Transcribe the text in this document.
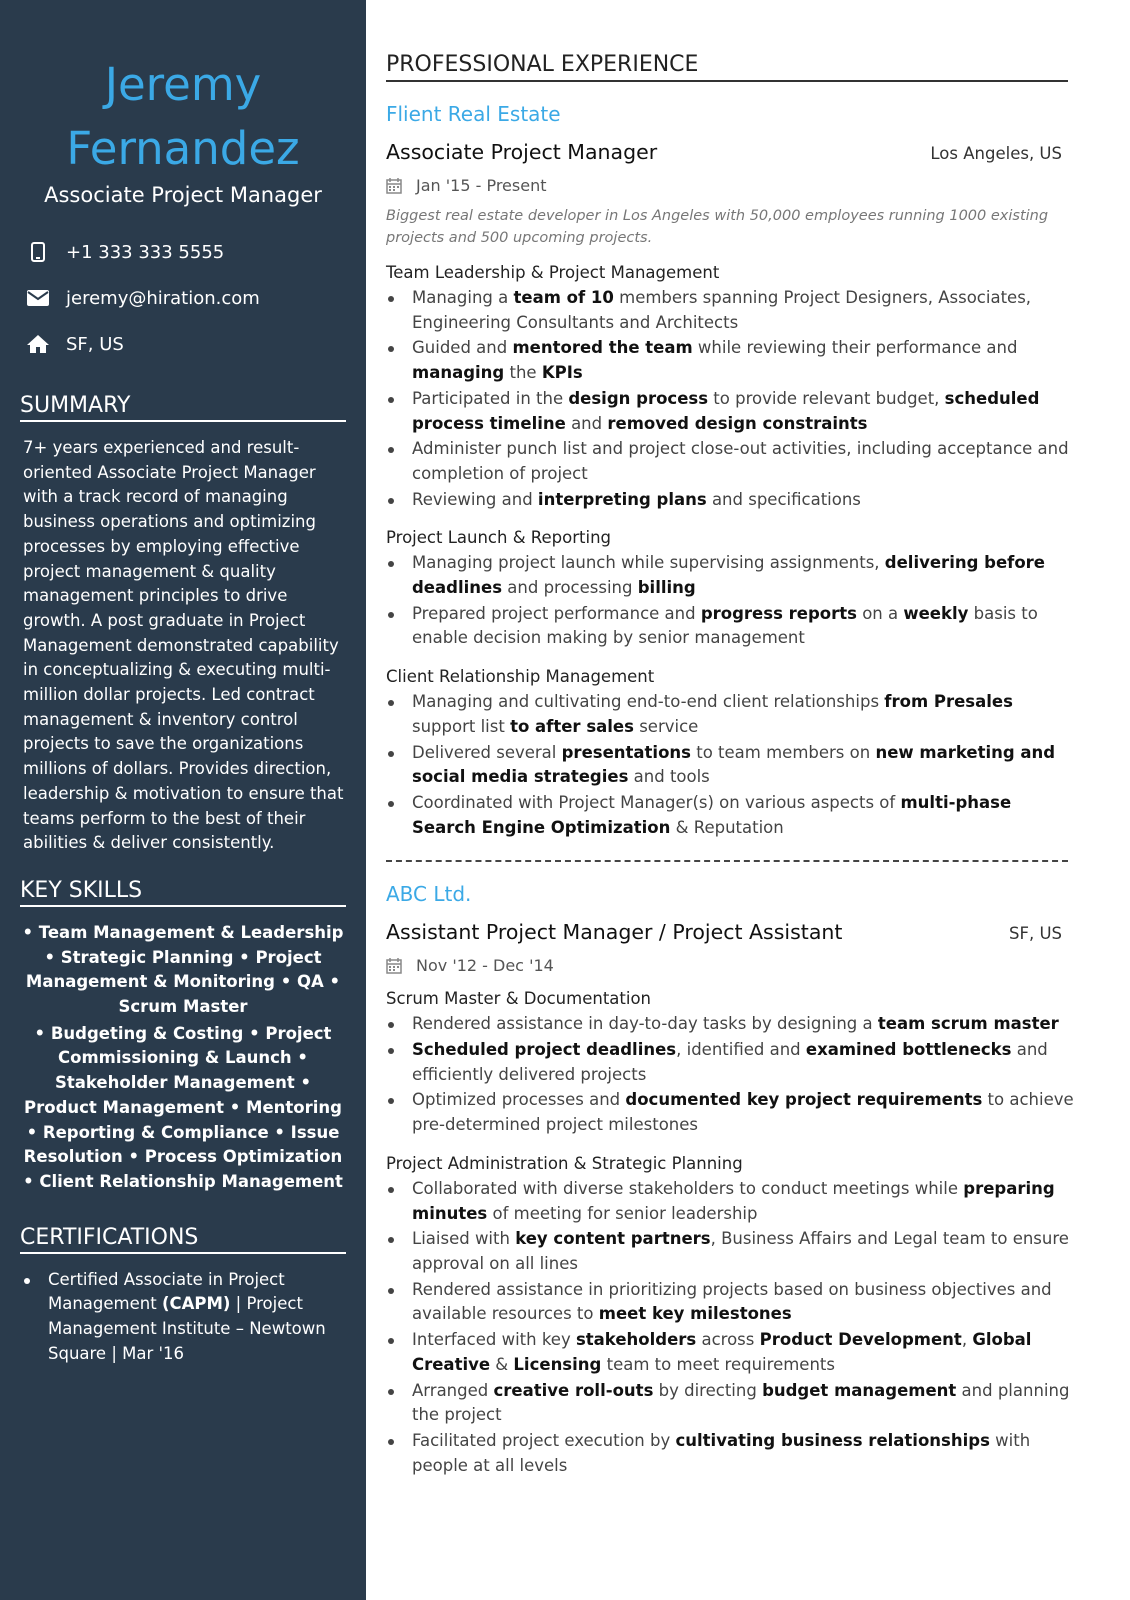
Jeremy
Fernandez
Associate Project Manager
+1 333 333 5555
jeremy@hiration.com
SF, US
SUMMARY
7+ years experienced and result-oriented Associate Project Manager with a track record of managing business operations and optimizing processes by employing effective project management & quality management principles to drive growth. A post graduate in Project Management demonstrated capability in conceptualizing & executing multi-million dollar projects. Led contract management & inventory control projects to save the organizations millions of dollars. Provides direction, leadership & motivation to ensure that teams perform to the best of their abilities & deliver consistently.
KEY SKILLS
• Team Management & Leadership • Strategic Planning • Project Management & Monitoring • QA • Scrum Master
• Budgeting & Costing • Project Commissioning & Launch • Stakeholder Management • Product Management • Mentoring • Reporting & Compliance • Issue Resolution • Process Optimization • Client Relationship Management
CERTIFICATIONS
Certified Associate in Project Management (CAPM) | Project Management Institute – Newtown Square | Mar '16
PROFESSIONAL EXPERIENCE
Flient Real Estate
Associate Project Manager	Los Angeles, US
Jan '15 - Present
Biggest real estate developer in Los Angeles with 50,000 employees running 1000 existing projects and 500 upcoming projects.
Team Leadership & Project Management
Managing a team of 10 members spanning Project Designers, Associates, Engineering Consultants and Architects
Guided and mentored the team while reviewing their performance and managing the KPIs
Participated in the design process to provide relevant budget, scheduled process timeline and removed design constraints
Administer punch list and project close-out activities, including acceptance and completion of project
Reviewing and interpreting plans and specifications
Project Launch & Reporting
Managing project launch while supervising assignments, delivering before deadlines and processing billing
Prepared project performance and progress reports on a weekly basis to enable decision making by senior management
Client Relationship Management
Managing and cultivating end-to-end client relationships from Presales support list to after sales service
Delivered several presentations to team members on new marketing and social media strategies and tools
Coordinated with Project Manager(s) on various aspects of multi-phase Search Engine Optimization & Reputation
ABC Ltd.
Assistant Project Manager / Project Assistant	SF, US
Nov '12 - Dec '14
Scrum Master & Documentation
Rendered assistance in day-to-day tasks by designing a team scrum master
Scheduled project deadlines, identified and examined bottlenecks and efficiently delivered projects
Optimized processes and documented key project requirements to achieve pre-determined project milestones
Project Administration & Strategic Planning
Collaborated with diverse stakeholders to conduct meetings while preparing minutes of meeting for senior leadership
Liaised with key content partners, Business Affairs and Legal team to ensure approval on all lines
Rendered assistance in prioritizing projects based on business objectives and available resources to meet key milestones
Interfaced with key stakeholders across Product Development, Global Creative & Licensing team to meet requirements
Arranged creative roll-outs by directing budget management and planning the project
Facilitated project execution by cultivating business relationships with people at all levels
